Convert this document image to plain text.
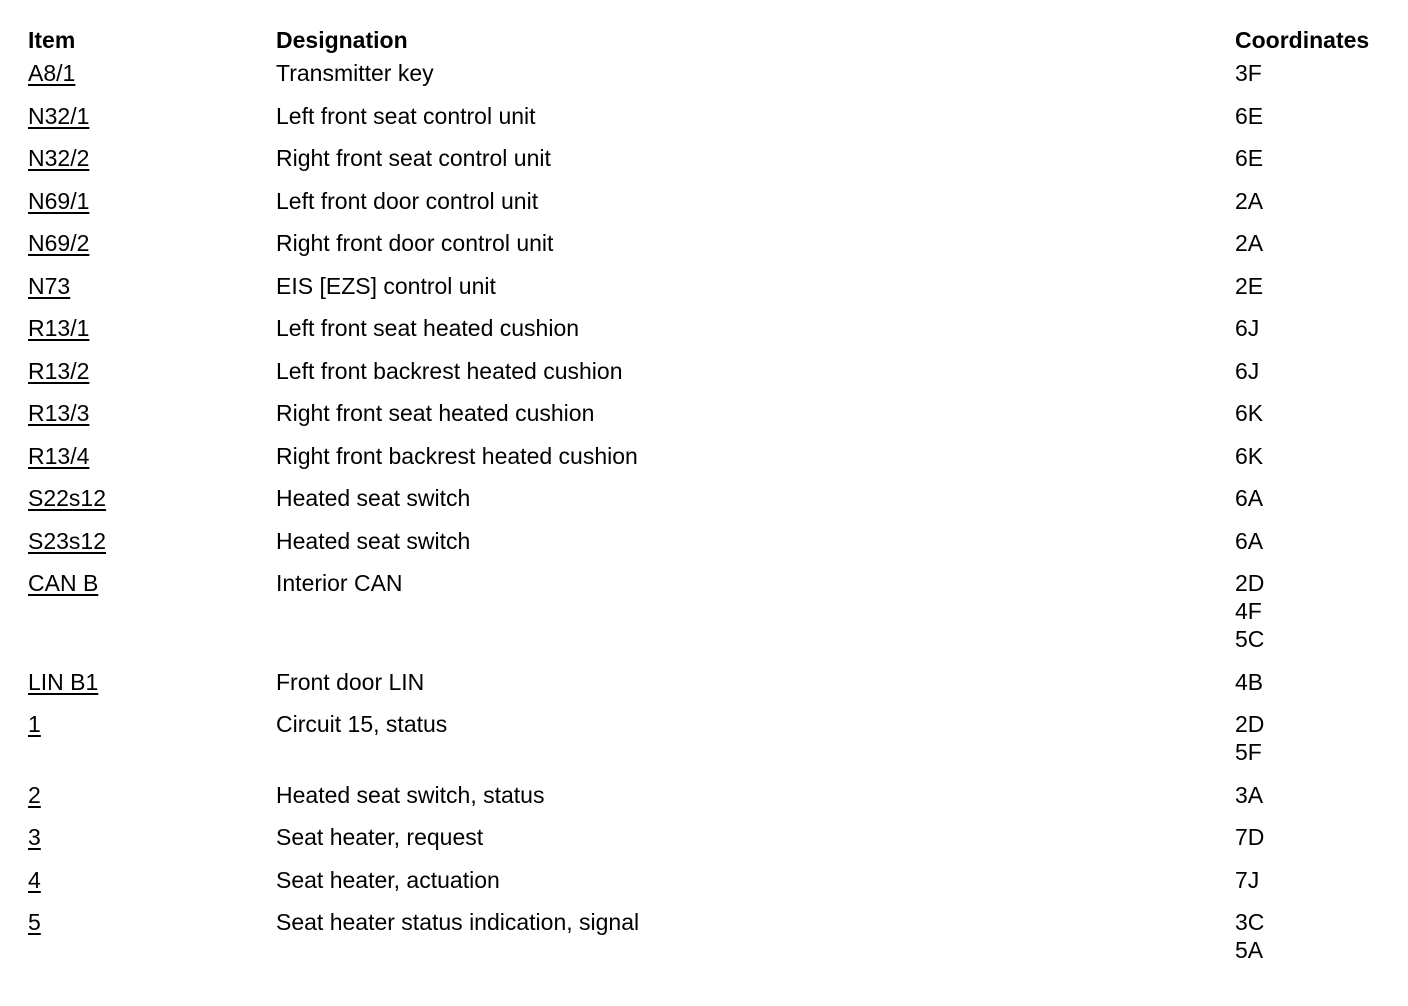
Item	Designation	Coordinates
A8/1	Transmitter key	3F

N32/1	Left front seat control unit	6E

N32/2	Right front seat control unit	6E

N69/1	Left front door control unit	2A

N69/2	Right front door control unit	2A

N73	EIS [EZS] control unit	2E

R13/1	Left front seat heated cushion	6J

R13/2	Left front backrest heated cushion	6J

R13/3	Right front seat heated cushion	6K

R13/4	Right front backrest heated cushion	6K

S22s12	Heated seat switch	6A

S23s12	Heated seat switch	6A

CAN B	Interior CAN	2D
4F
5C

LIN B1	Front door LIN	4B

1	Circuit 15, status	2D
5F

2	Heated seat switch, status	3A

3	Seat heater, request	7D

4	Seat heater, actuation	7J

5	Seat heater status indication, signal	3C
5A
